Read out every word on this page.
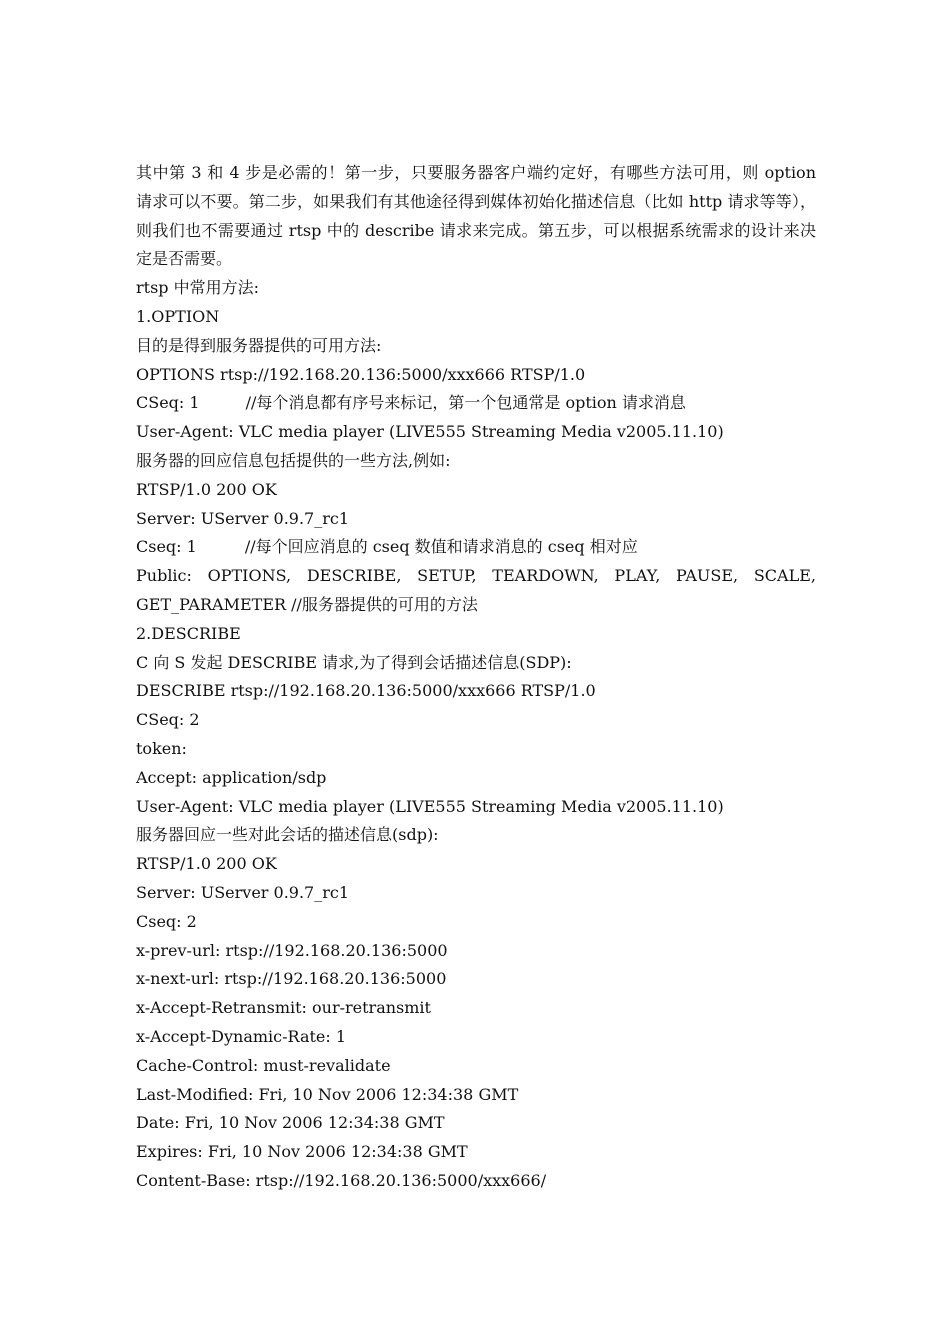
其中第 3 和 4 步是必需的！第一步，只要服务器客户端约定好，有哪些方法可用，则 option
请求可以不要。第二步，如果我们有其他途径得到媒体初始化描述信息（比如 http 请求等等），
则我们也不需要通过 rtsp 中的 describe 请求来完成。第五步，可以根据系统需求的设计来决
定是否需要。
rtsp 中常用方法:
1.OPTION
目的是得到服务器提供的可用方法:
OPTIONS rtsp://192.168.20.136:5000/xxx666 RTSP/1.0
CSeq: 1	//每个消息都有序号来标记，第一个包通常是 option 请求消息
User-Agent: VLC media player (LIVE555 Streaming Media v2005.11.10)
服务器的回应信息包括提供的一些方法,例如:
RTSP/1.0 200 OK
Server: UServer 0.9.7_rc1
Cseq: 1	//每个回应消息的 cseq 数值和请求消息的 cseq 相对应
Public: OPTIONS, DESCRIBE, SETUP, TEARDOWN, PLAY, PAUSE, SCALE,
GET_PARAMETER //服务器提供的可用的方法
2.DESCRIBE
C 向 S 发起 DESCRIBE 请求,为了得到会话描述信息(SDP):
DESCRIBE rtsp://192.168.20.136:5000/xxx666 RTSP/1.0
CSeq: 2
token:
Accept: application/sdp
User-Agent: VLC media player (LIVE555 Streaming Media v2005.11.10)
服务器回应一些对此会话的描述信息(sdp):
RTSP/1.0 200 OK
Server: UServer 0.9.7_rc1
Cseq: 2
x-prev-url: rtsp://192.168.20.136:5000
x-next-url: rtsp://192.168.20.136:5000
x-Accept-Retransmit: our-retransmit
x-Accept-Dynamic-Rate: 1
Cache-Control: must-revalidate
Last-Modified: Fri, 10 Nov 2006 12:34:38 GMT
Date: Fri, 10 Nov 2006 12:34:38 GMT
Expires: Fri, 10 Nov 2006 12:34:38 GMT
Content-Base: rtsp://192.168.20.136:5000/xxx666/
